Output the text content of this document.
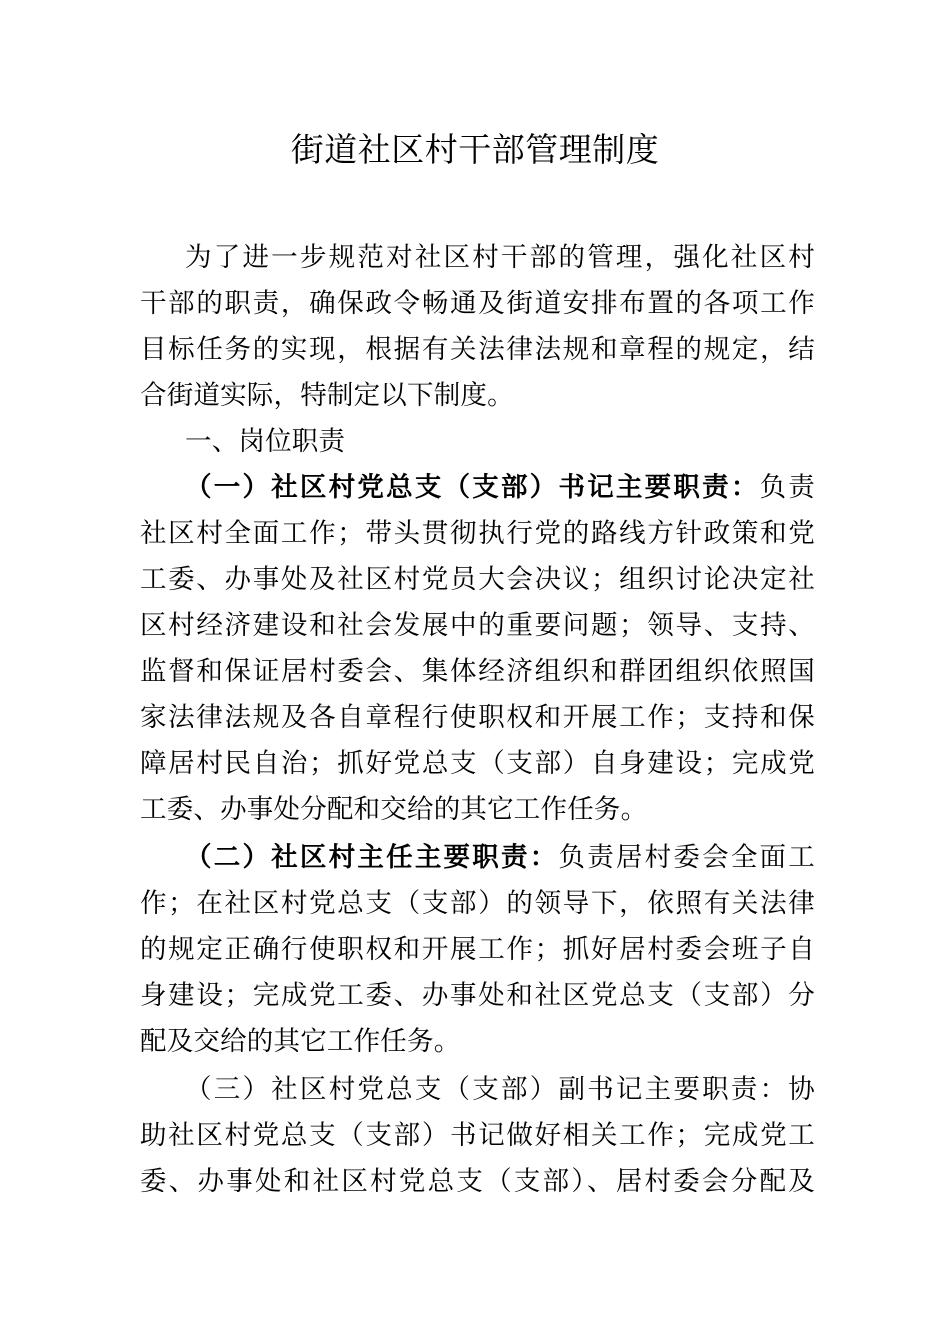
街道社区村干部管理制度
为了进一步规范对社区村干部的管理，强化社区村
干部的职责，确保政令畅通及街道安排布置的各项工作
目标任务的实现，根据有关法律法规和章程的规定，结
合街道实际，特制定以下制度。
一、岗位职责
（一）社区村党总支（支部）书记主要职责：负责
社区村全面工作；带头贯彻执行党的路线方针政策和党
工委、办事处及社区村党员大会决议；组织讨论决定社
区村经济建设和社会发展中的重要问题；领导、支持、
监督和保证居村委会、集体经济组织和群团组织依照国
家法律法规及各自章程行使职权和开展工作；支持和保
障居村民自治；抓好党总支（支部）自身建设；完成党
工委、办事处分配和交给的其它工作任务。
（二）社区村主任主要职责：负责居村委会全面工
作；在社区村党总支（支部）的领导下，依照有关法律
的规定正确行使职权和开展工作；抓好居村委会班子自
身建设；完成党工委、办事处和社区党总支（支部）分
配及交给的其它工作任务。
（三）社区村党总支（支部）副书记主要职责：协
助社区村党总支（支部）书记做好相关工作；完成党工
委、办事处和社区村党总支（支部）、居村委会分配及
